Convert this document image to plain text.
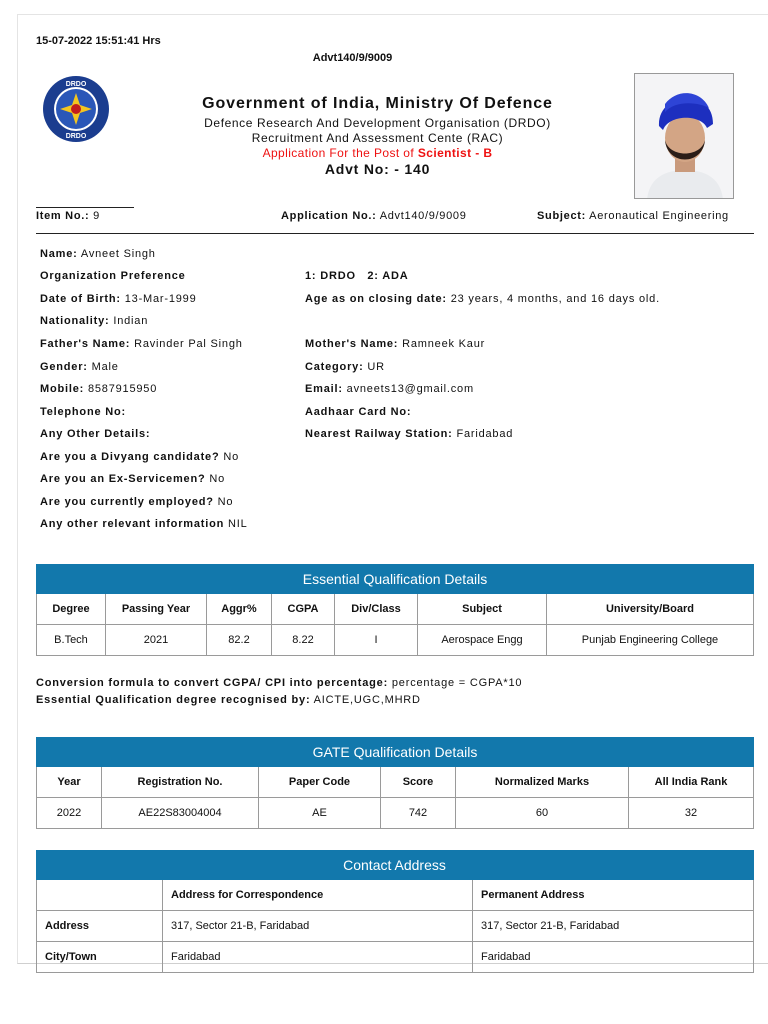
15-07-2022 15:51:41 Hrs
Advt140/9/9009
DRDO
DRDO
Government of India, Ministry Of Defence
Defence Research And Development Organisation (DRDO)
Recruitment And Assessment Cente (RAC)
Application For the Post of Scientist - B
Advt No: - 140
Item No.: 9	Application No.: Advt140/9/9009	Subject: Aeronautical Engineering
Name: Avneet Singh
Organization Preference	1: DRDO   2: ADA
Date of Birth: 13-Mar-1999	Age as on closing date: 23 years, 4 months, and 16 days old.
Nationality: Indian
Father's Name: Ravinder Pal Singh	Mother's Name: Ramneek Kaur
Gender: Male	Category: UR
Mobile: 8587915950	Email: avneets13@gmail.com
Telephone No:	Aadhaar Card No:
Any Other Details:	Nearest Railway Station: Faridabad
Are you a Divyang candidate? No
Are you an Ex-Servicemen? No
Are you currently employed? No
Any other relevant information NIL
Essential Qualification Details						
Degree	Passing Year	Aggr%	CGPA	Div/Class	Subject	University/Board
B.Tech	2021	82.2	8.22	I	Aerospace Engg	Punjab Engineering College
Conversion formula to convert CGPA/ CPI into percentage: percentage = CGPA*10
Essential Qualification degree recognised by: AICTE,UGC,MHRD
GATE Qualification Details					
Year	Registration No.	Paper Code	Score	Normalized Marks	All India Rank
2022	AE22S83004004	AE	742	60	32
Contact Address		
	Address for Correspondence	Permanent Address
Address	317, Sector 21-B, Faridabad	317, Sector 21-B, Faridabad
City/Town	Faridabad	Faridabad
